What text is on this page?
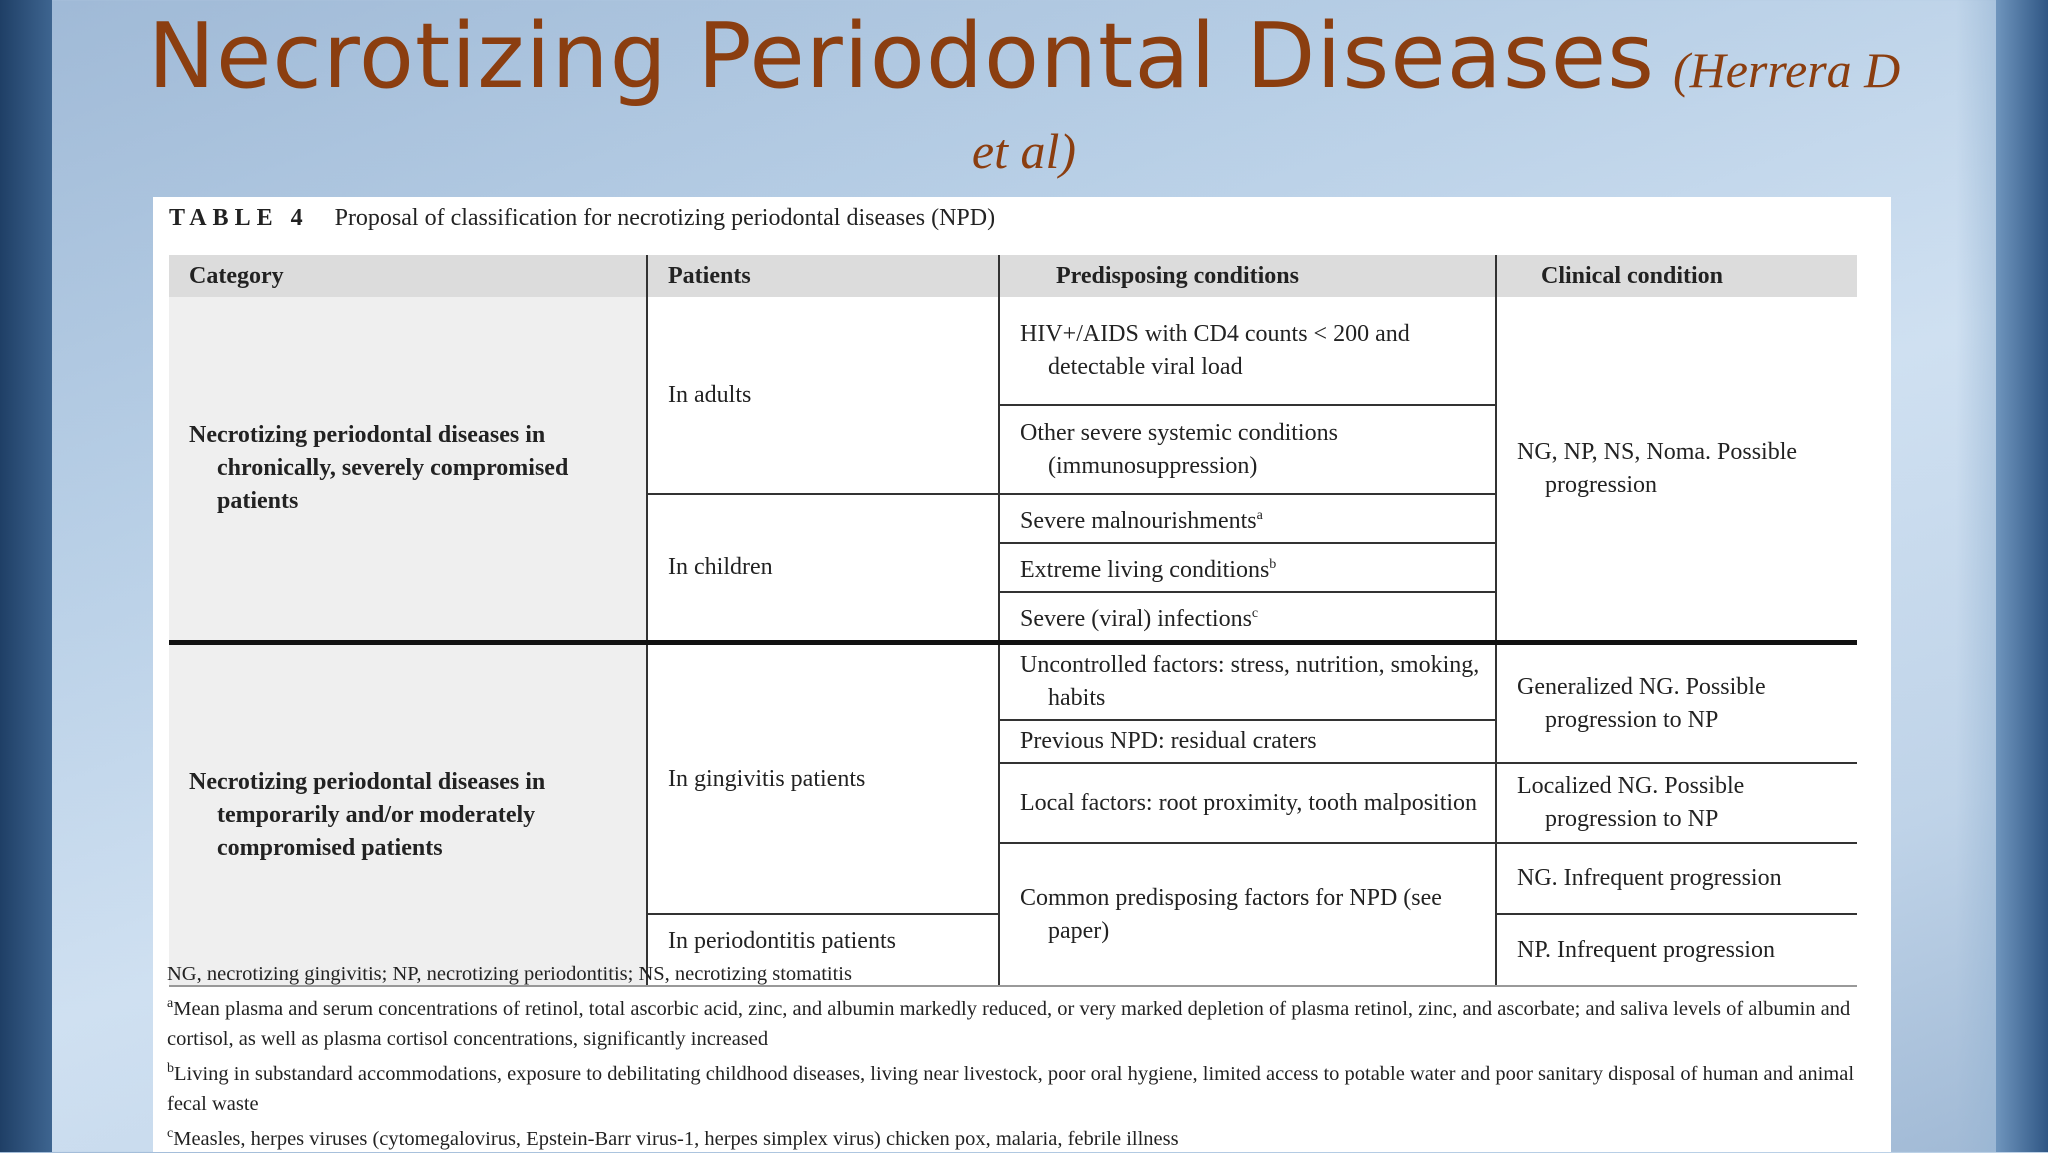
Necrotizing Periodontal Diseases (Herrera D
et al)
TABLE 4 Proposal of classification for necrotizing periodontal diseases (NPD)
Category	Patients	Predisposing conditions	Clinical condition

Necrotizing periodontal diseases in chronically, severely compromised patients	In adults	HIV+/AIDS with CD4 counts < 200 and detectable viral load	NG, NP, NS, Noma. Possible progression

		Other severe systemic conditions (immunosuppression)	

	In children	Severe malnourishments$^a$
		Extreme living conditions$^b$
		Severe (viral) infections$^c$

Necrotizing periodontal diseases in temporarily and/or moderately compromised patients	In gingivitis patients	Uncontrolled factors: stress, nutrition, smoking, habits	Generalized NG. Possible progression to NP

		Previous NPD: residual craters	

		Local factors: root proximity, tooth malposition	Localized NG. Possible progression to NP

		Common predisposing factors for NPD (see paper)	NG. Infrequent progression

	In periodontitis patients		NP. Infrequent progression
NG, necrotizing gingivitis; NP, necrotizing periodontitis; NS, necrotizing stomatitis
$^a$Mean plasma and serum concentrations of retinol, total ascorbic acid, zinc, and albumin markedly reduced, or very marked depletion of plasma retinol, zinc, and ascorbate; and saliva levels of albumin and cortisol, as well as plasma cortisol concentrations, significantly increased
$^b$Living in substandard accommodations, exposure to debilitating childhood diseases, living near livestock, poor oral hygiene, limited access to potable water and poor sanitary disposal of human and animal fecal waste
$^c$Measles, herpes viruses (cytomegalovirus, Epstein-Barr virus-1, herpes simplex virus) chicken pox, malaria, febrile illness
